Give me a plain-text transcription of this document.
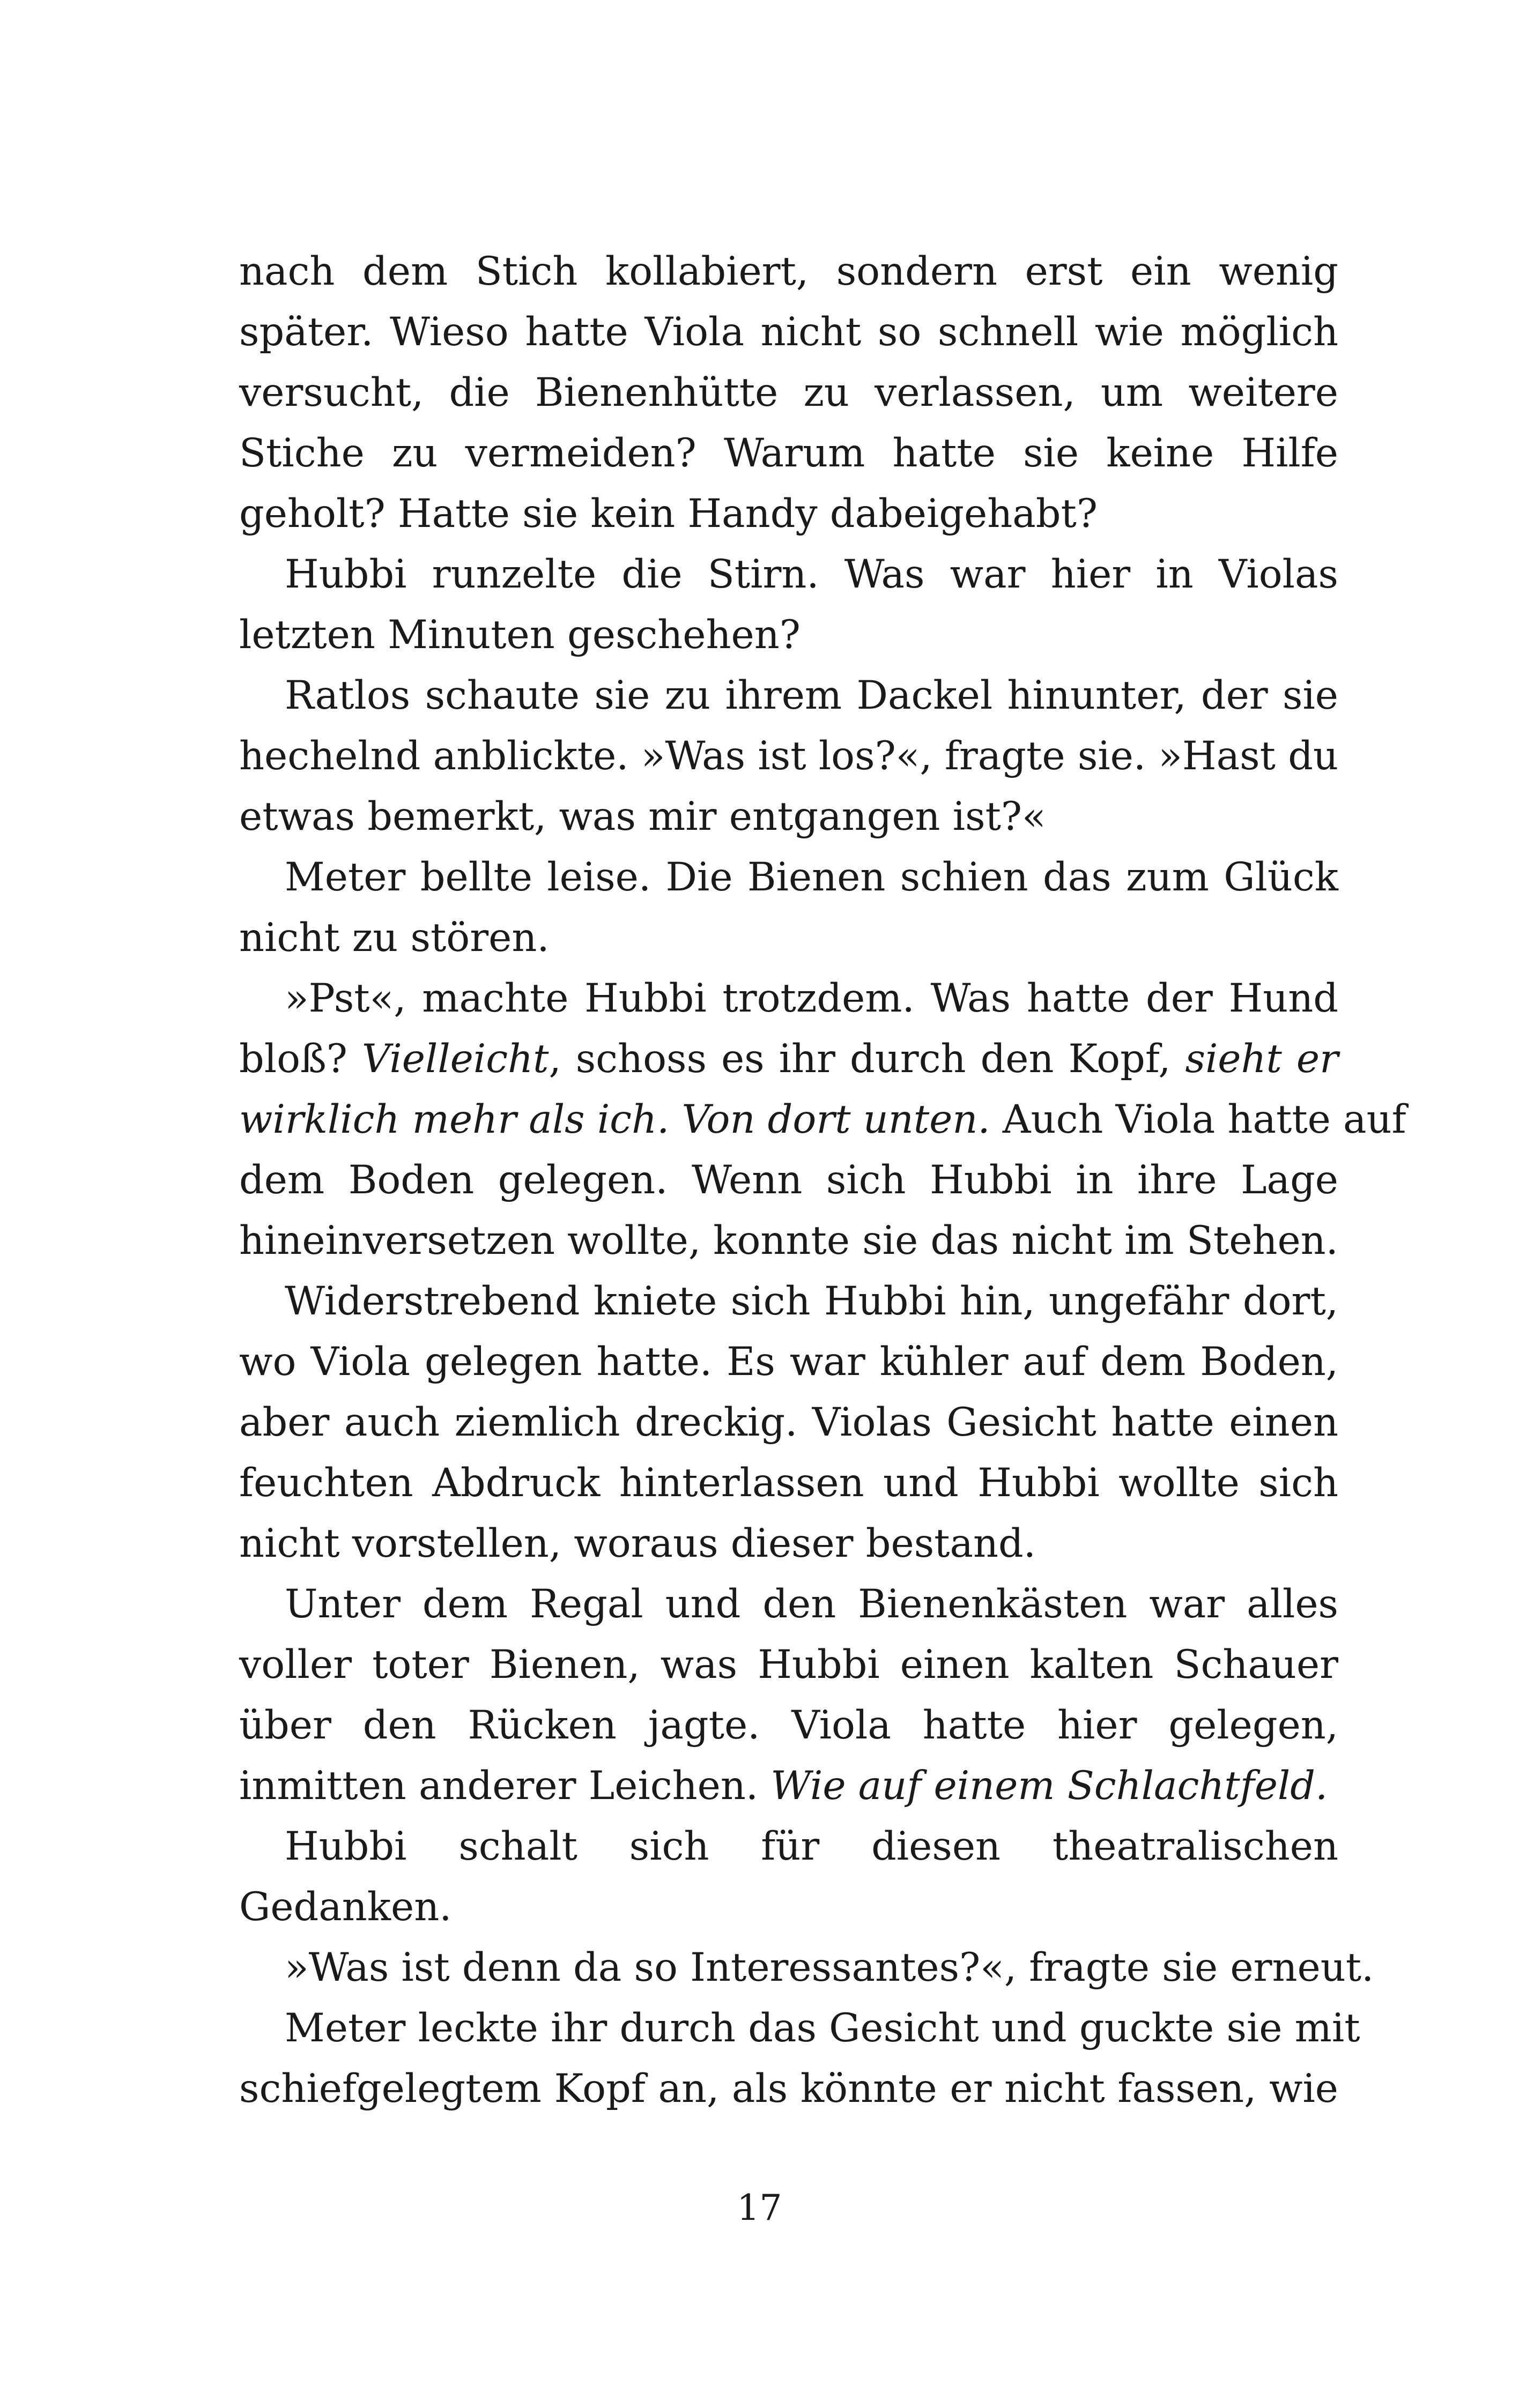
nach dem Stich kollabiert, sondern erst ein wenig
später. Wieso hatte Viola nicht so schnell wie möglich
versucht, die Bienenhütte zu verlassen, um weitere
Stiche zu vermeiden? Warum hatte sie keine Hilfe
geholt? Hatte sie kein Handy dabeigehabt?
Hubbi runzelte die Stirn. Was war hier in Violas
letzten Minuten geschehen?
Ratlos schaute sie zu ihrem Dackel hinunter, der sie
hechelnd anblickte. »Was ist los?«, fragte sie. »Hast du
etwas bemerkt, was mir entgangen ist?«
Meter bellte leise. Die Bienen schien das zum Glück
nicht zu stören.
»Pst«, machte Hubbi trotzdem. Was hatte der Hund
bloß? Vielleicht, schoss es ihr durch den Kopf, sieht er
wirklich mehr als ich. Von dort unten. Auch Viola hatte auf
dem Boden gelegen. Wenn sich Hubbi in ihre Lage
hineinversetzen wollte, konnte sie das nicht im Stehen.
Widerstrebend kniete sich Hubbi hin, ungefähr dort,
wo Viola gelegen hatte. Es war kühler auf dem Boden,
aber auch ziemlich dreckig. Violas Gesicht hatte einen
feuchten Abdruck hinterlassen und Hubbi wollte sich
nicht vorstellen, woraus dieser bestand.
Unter dem Regal und den Bienenkästen war alles
voller toter Bienen, was Hubbi einen kalten Schauer
über den Rücken jagte. Viola hatte hier gelegen,
inmitten anderer Leichen. Wie auf einem Schlachtfeld.
Hubbi schalt sich für diesen theatralischen
Gedanken.
»Was ist denn da so Interessantes?«, fragte sie erneut.
Meter leckte ihr durch das Gesicht und guckte sie mit
schiefgelegtem Kopf an, als könnte er nicht fassen, wie
17
